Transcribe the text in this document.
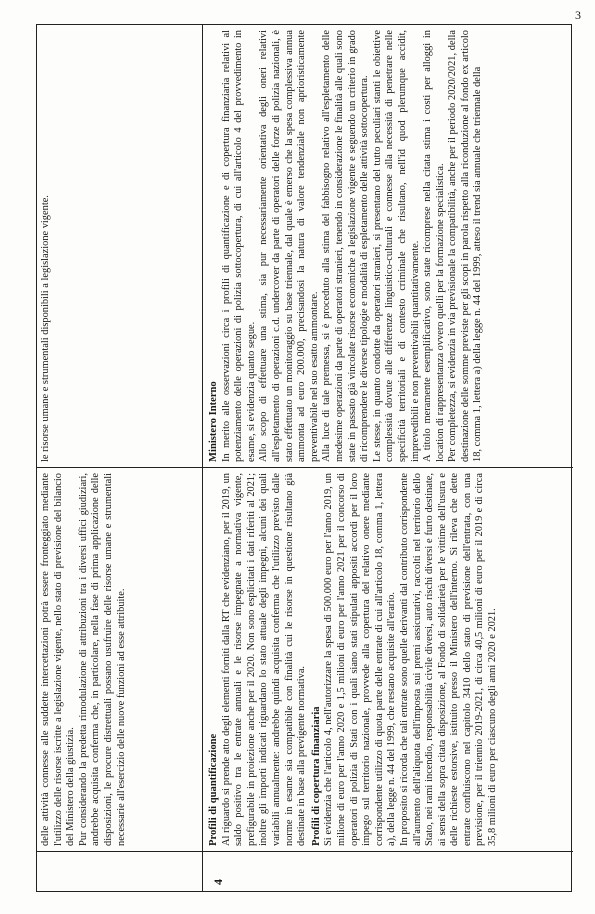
3

delle attività connesse alle suddette intercettazioni potrà essere fronteggiato mediante l'utilizzo delle risorse iscritte a legislazione vigente, nello stato di previsione del bilancio del Ministero della giustizia. Pur considerando la predetta rimodulazione di attribuzioni tra i diversi uffici giudiziari, andrebbe acquisita conferma che, in particolare, nella fase di prima applicazione delle disposizioni, le procure distrettuali possano usufruire delle risorse umane e strumentali necessarie all'esercizio delle nuove funzioni ad esse attribuite.

le risorse umane e strumentali disponibili a legislazione vigente.

4
Profili di quantificazione Al riguardo si prende atto degli elementi forniti dalla RT che evidenziano, per il 2019, un saldo positivo tra le entrate annuali e le risorse impegnate a normativa vigente, prefigurabile in proiezione anche per il 2020. Non sono esplicitati i dati riferiti al 2021; inoltre gli importi indicati riguardano lo stato attuale degli impegni, alcuni dei quali variabili annualmente: andrebbe quindi acquisita conferma che l'utilizzo previsto dalle norme in esame sia compatibile con finalità cui le risorse in questione risultano già destinate in base alla previgente normativa. Profili di copertura finanziaria Si evidenzia che l'articolo 4, nell'autorizzare la spesa di 500.000 euro per l'anno 2019, un milione di euro per l'anno 2020 e 1,5 milioni di euro per l'anno 2021 per il concorso di operatori di polizia di Stati con i quali siano stati stipulati appositi accordi per il loro impego sul territorio nazionale, provvede alla copertura del relativo onere mediante corrispondente utilizzo di quota parte delle entrate di cui all'articolo 18, comma 1, lettera a), della legge n. 44 del 1999, che restano acquisite all'erario. In proposito si ricorda che tali entrate sono quelle derivanti dal contributo corrispondente all'aumento dell'aliquota dell'imposta sui premi assicurativi, raccolti nel territorio dello Stato, nei rami incendio, responsabilità civile diversi, auto rischi diversi e furto destinate, ai sensi della sopra citata disposizione, al Fondo di solidarietà per le vittime dell'usura e delle richieste estorsive, istituito presso il Ministero dell'interno. Si rileva che dette entrate confluiscono nel capitolo 3410 dello stato di previsione dell'entrata, con una previsione, per il triennio 2019-2021, di circa 40,5 milioni di euro per il 2019 e di circa 35,8 milioni di euro per ciascuno degli anni 2020 e 2021.

Ministero Interno In merito alle osservazioni circa i profili di quantificazione e di copertura finanziaria relativi al potenziamento delle operazioni di polizia sottocopertura, di cui all'articolo 4 del provvedimento in esame, si evidenzia quanto segue. Allo scopo di effettuare una stima, sia pur necessariamente orientativa degli oneri relativi all'espletamento di operazioni c.d. undercover da parte di operatori delle forze di polizia nazionali, è stato effettuato un monitoraggio su base triennale, dal quale è emerso che la spesa complessiva annua ammonta ad euro 200.000, precisandosi la natura di valore tendenziale non aprioristicamente preventivabile nel suo esatto ammontare. Alla luce di tale premessa, si è proceduto alla stima del fabbisogno relativo all'espletamento delle medesime operazioni da parte di operatori stranieri, tenendo in considerazione le finalità alle quali sono state in passato già vincolate risorse economiche a legislazione vigente e seguendo un criterio in grado di ricomprendere le diverse tipologie e modalità di espletamento delle attività sottocopertura. Le stesse, in quanto condotte da operatori stranieri, si presentano del tutto peculiari stanti le obiettive complessità dovute alle differenze linguistico-culturali e connesse alla necessità di penetrare nelle specificità territoriali e di contesto criminale che risultano, nell'id quod plerumque accidit, imprevedibili e non preventivabili quantitativamente. A titolo meramente esemplificativo, sono state ricomprese nella citata stima i costi per alloggi in location di rappresentanza ovvero quelli per la formazione specialistica. Per completezza, si evidenzia in via previsionale la compatibilità, anche per il periodo 2020/2021, della destinazione delle somme previste per gli scopi in parola rispetto alla riconduzione al fondo ex articolo 18, comma 1, lettera a) della legge n. 44 del 1999, atteso il trend sia annuale che triennale della
